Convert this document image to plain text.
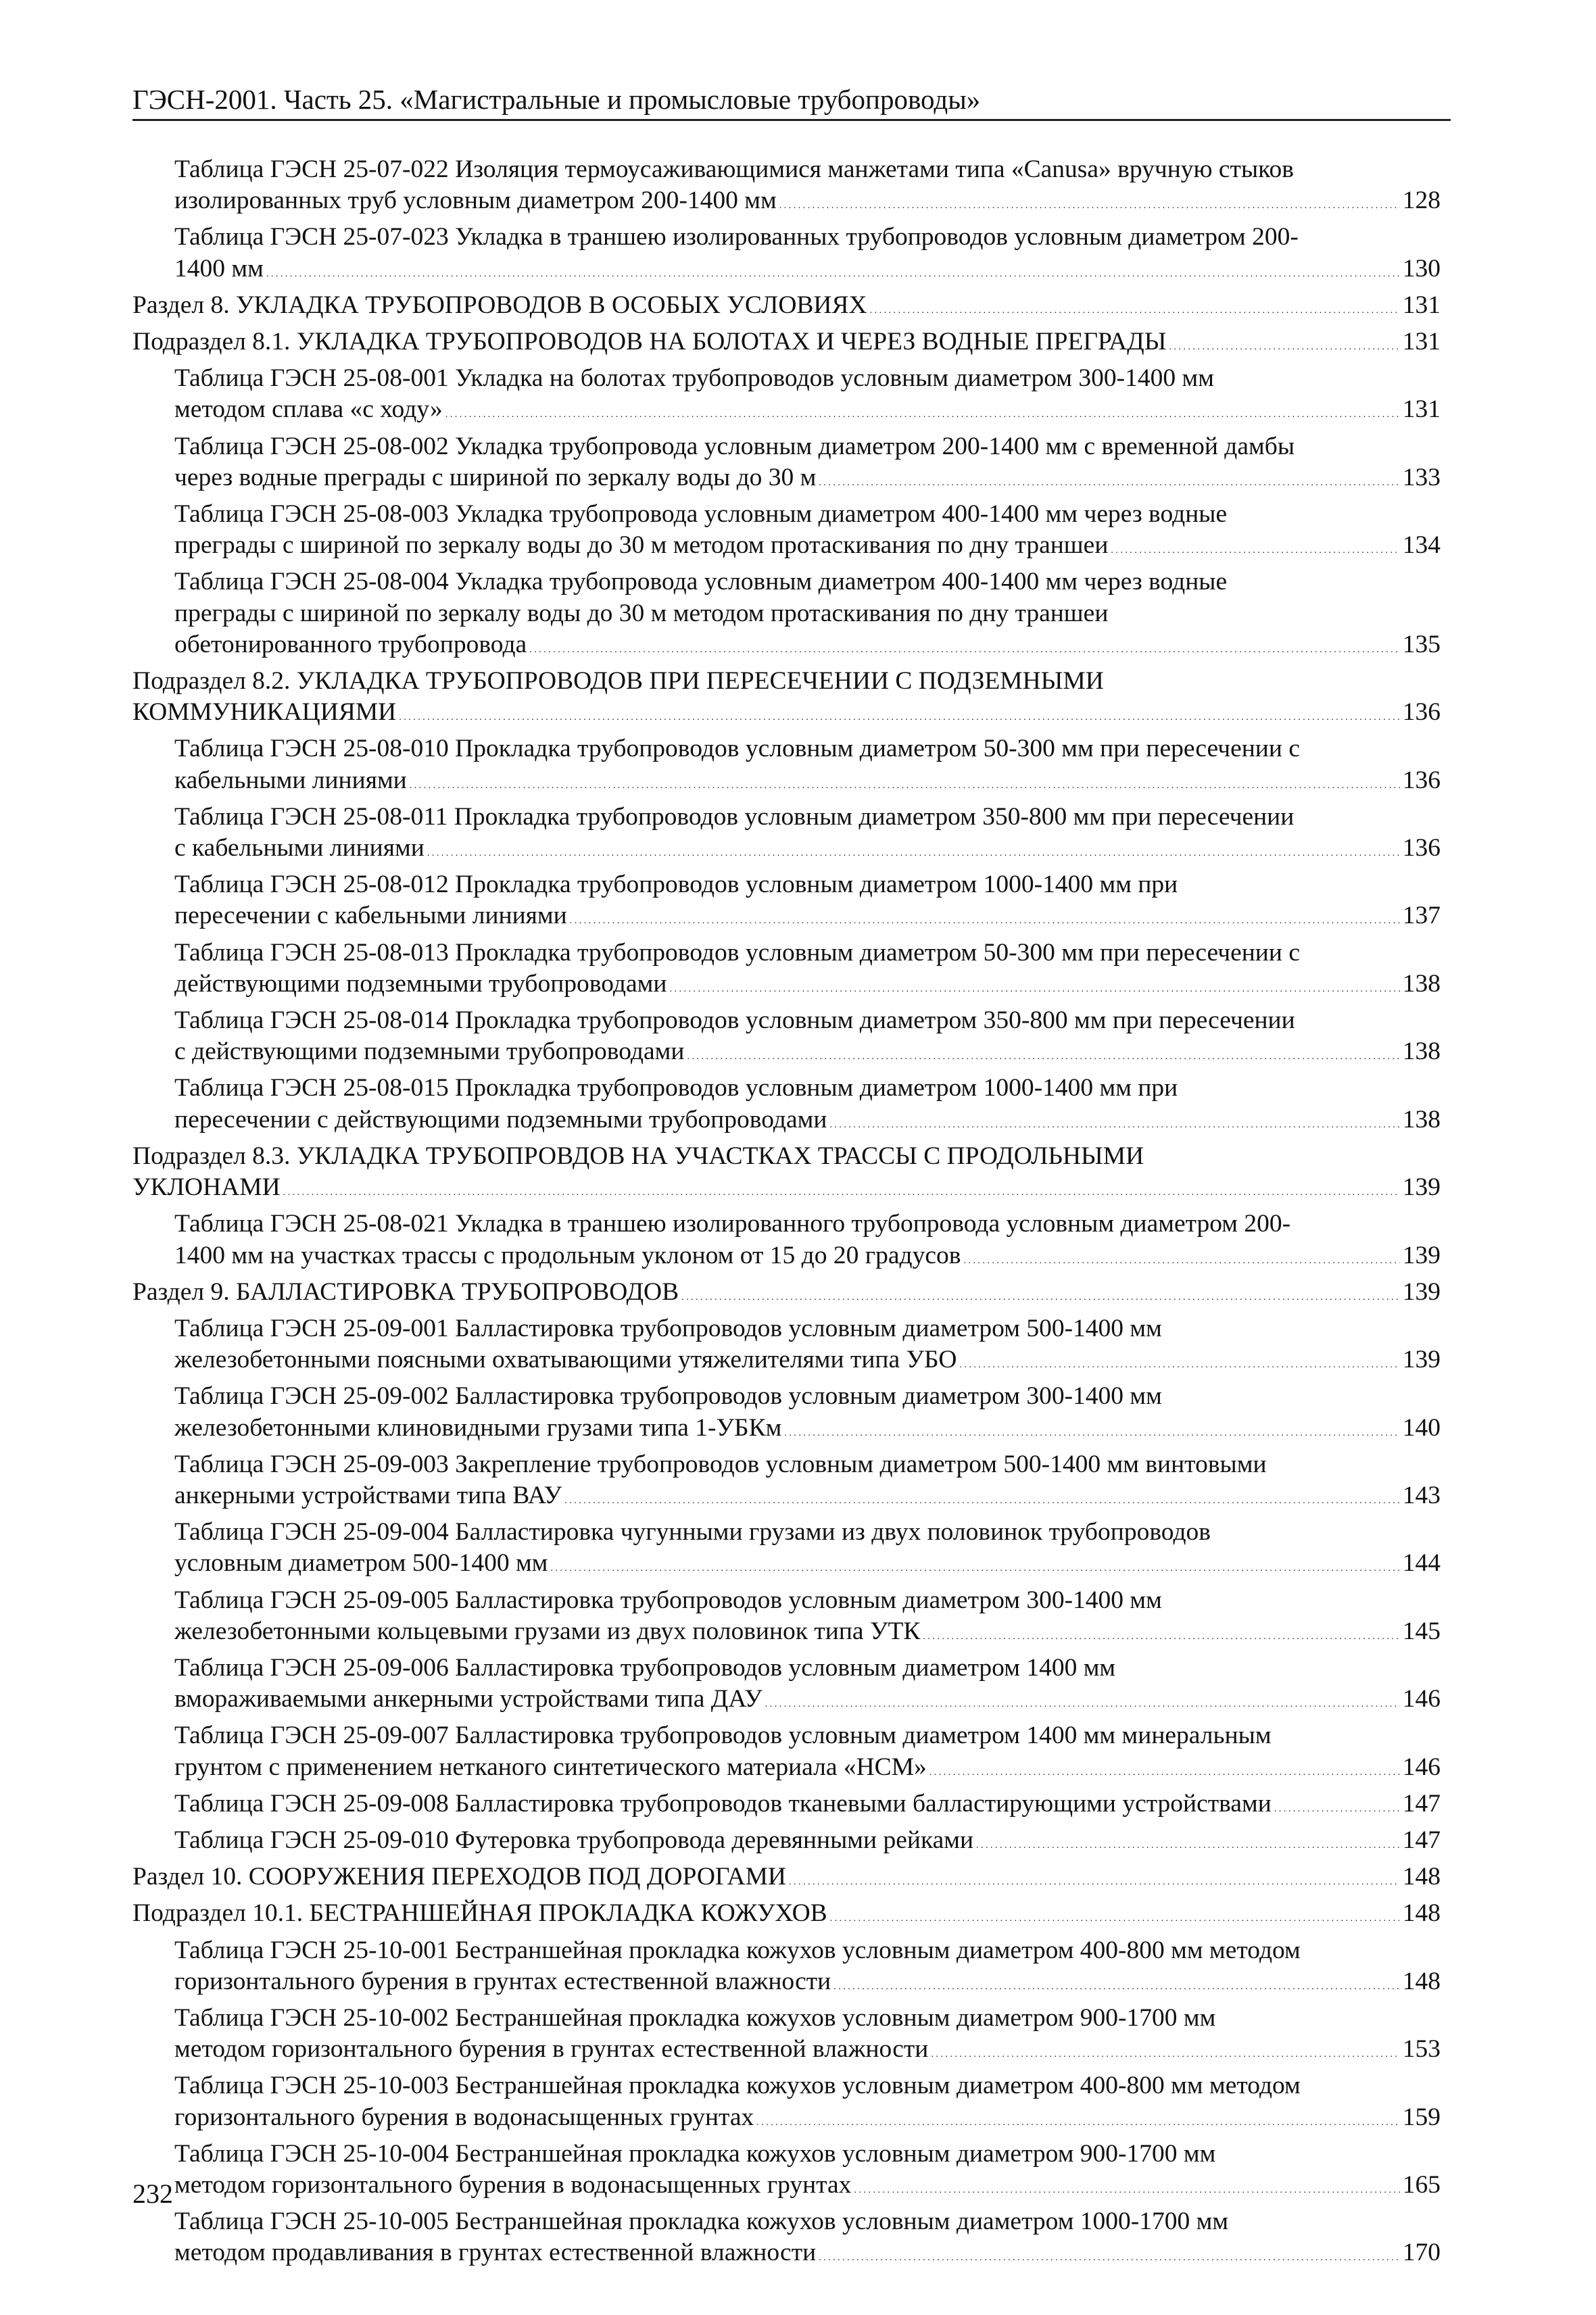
ГЭСН-2001. Часть 25. «Магистральные и промысловые трубопроводы»
Таблица ГЭСН 25-07-022 Изоляция термоусаживающимися манжетами типа «Canusa» вручную стыков
изолированных труб условным диаметром 200-1400 мм . . .	128
Таблица ГЭСН 25-07-023 Укладка в траншею изолированных трубопроводов условным диаметром 200-
1400 мм . . .	130
Раздел 8. УКЛАДКА ТРУБОПРОВОДОВ В ОСОБЫХ УСЛОВИЯХ . . .	131
Подраздел 8.1. УКЛАДКА ТРУБОПРОВОДОВ НА БОЛОТАХ И ЧЕРЕЗ ВОДНЫЕ ПРЕГРАДЫ . . .	131
Таблица ГЭСН 25-08-001 Укладка на болотах трубопроводов условным диаметром 300-1400 мм
методом сплава «с ходу» . . .	131
Таблица ГЭСН 25-08-002 Укладка трубопровода условным диаметром 200-1400 мм с временной дамбы
через водные преграды с шириной по зеркалу воды до 30 м . . .	133
Таблица ГЭСН 25-08-003 Укладка трубопровода условным диаметром 400-1400 мм через водные
преграды с шириной по зеркалу воды до 30 м методом протаскивания по дну траншеи . . .	134
Таблица ГЭСН 25-08-004 Укладка трубопровода условным диаметром 400-1400 мм через водные
преграды с шириной по зеркалу воды до 30 м методом протаскивания по дну траншеи
обетонированного трубопровода . . .	135
Подраздел 8.2. УКЛАДКА ТРУБОПРОВОДОВ ПРИ ПЕРЕСЕЧЕНИИ С ПОДЗЕМНЫМИ
КОММУНИКАЦИЯМИ . . .	136
Таблица ГЭСН 25-08-010 Прокладка трубопроводов условным диаметром 50-300 мм при пересечении с
кабельными линиями . . .	136
Таблица ГЭСН 25-08-011 Прокладка трубопроводов условным диаметром 350-800 мм при пересечении
с кабельными линиями . . .	136
Таблица ГЭСН 25-08-012 Прокладка трубопроводов условным диаметром 1000-1400 мм при
пересечении с кабельными линиями . . .	137
Таблица ГЭСН 25-08-013 Прокладка трубопроводов условным диаметром 50-300 мм при пересечении с
действующими подземными трубопроводами . . .	138
Таблица ГЭСН 25-08-014 Прокладка трубопроводов условным диаметром 350-800 мм при пересечении
с действующими подземными трубопроводами . . .	138
Таблица ГЭСН 25-08-015 Прокладка трубопроводов условным диаметром 1000-1400 мм при
пересечении с действующими подземными трубопроводами . . .	138
Подраздел 8.3. УКЛАДКА ТРУБОПРОВДОВ НА УЧАСТКАХ ТРАССЫ С ПРОДОЛЬНЫМИ
УКЛОНАМИ . . .	139
Таблица ГЭСН 25-08-021 Укладка в траншею изолированного трубопровода условным диаметром 200-
1400 мм на участках трассы с продольным уклоном от 15 до 20 градусов . . .	139
Раздел 9. БАЛЛАСТИРОВКА ТРУБОПРОВОДОВ . . .	139
Таблица ГЭСН 25-09-001 Балластировка трубопроводов условным диаметром 500-1400 мм
железобетонными поясными охватывающими утяжелителями типа УБО . . .	139
Таблица ГЭСН 25-09-002 Балластировка трубопроводов условным диаметром 300-1400 мм
железобетонными клиновидными грузами типа 1-УБКм . . .	140
Таблица ГЭСН 25-09-003 Закрепление трубопроводов условным диаметром 500-1400 мм винтовыми
анкерными устройствами типа ВАУ . . .	143
Таблица ГЭСН 25-09-004 Балластировка чугунными грузами из двух половинок трубопроводов
условным диаметром 500-1400 мм . . .	144
Таблица ГЭСН 25-09-005 Балластировка трубопроводов условным диаметром 300-1400 мм
железобетонными кольцевыми грузами из двух половинок типа УТК . . .	145
Таблица ГЭСН 25-09-006 Балластировка трубопроводов условным диаметром 1400 мм
вмораживаемыми анкерными устройствами типа ДАУ . . .	146
Таблица ГЭСН 25-09-007 Балластировка трубопроводов условным диаметром 1400 мм минеральным
грунтом с применением нетканого синтетического материала «НСМ» . . .	146
Таблица ГЭСН 25-09-008 Балластировка трубопроводов тканевыми балластирующими устройствами . . .	147
Таблица ГЭСН 25-09-010 Футеровка трубопровода деревянными рейками . . .	147
Раздел 10. СООРУЖЕНИЯ ПЕРЕХОДОВ ПОД ДОРОГАМИ . . .	148
Подраздел 10.1. БЕСТРАНШЕЙНАЯ ПРОКЛАДКА КОЖУХОВ . . .	148
Таблица ГЭСН 25-10-001 Бестраншейная прокладка кожухов условным диаметром 400-800 мм методом
горизонтального бурения в грунтах естественной влажности . . .	148
Таблица ГЭСН 25-10-002 Бестраншейная прокладка кожухов условным диаметром 900-1700 мм
методом горизонтального бурения в грунтах естественной влажности . . .	153
Таблица ГЭСН 25-10-003 Бестраншейная прокладка кожухов условным диаметром 400-800 мм методом
горизонтального бурения в водонасыщенных грунтах . . .	159
Таблица ГЭСН 25-10-004 Бестраншейная прокладка кожухов условным диаметром 900-1700 мм
методом горизонтального бурения в водонасыщенных грунтах . . .	165
Таблица ГЭСН 25-10-005 Бестраншейная прокладка кожухов условным диаметром 1000-1700 мм
методом продавливания в грунтах естественной влажности . . .	170
232
